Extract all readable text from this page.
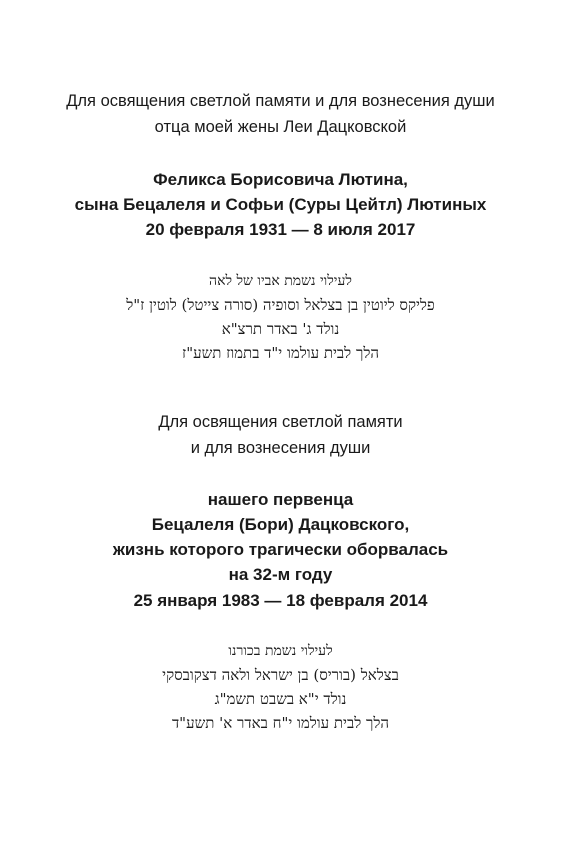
Для освящения светлой памяти и для вознесения души
отца моей жены Леи Дацковской
Феликса Борисовича Лютина,
сына Бецалеля и Софьи (Суры Цейтл) Лютиных
20 февраля 1931 — 8 июля 2017
לעילוי נשמת אביו של לאה
פליקס ליוטין בן בצלאל וסופיה (סורה צייטל) לוטין ז"ל
נולד ג' באדר תרצ"א
הלך לבית עולמו י"ד בתמוז תשע"ז
Для освящения светлой памяти
и для вознесения души
нашего первенца
Бецалеля (Бори) Дацковского,
жизнь которого трагически оборвалась
на 32-м году
25 января 1983 — 18 февраля 2014
לעילוי נשמת בכורנו
בצלאל (בוריס) בן ישראל ולאה דצקובסקי
נולד י"א בשבט תשמ"ג
הלך לבית עולמו י"ח באדר א' תשע"ד
